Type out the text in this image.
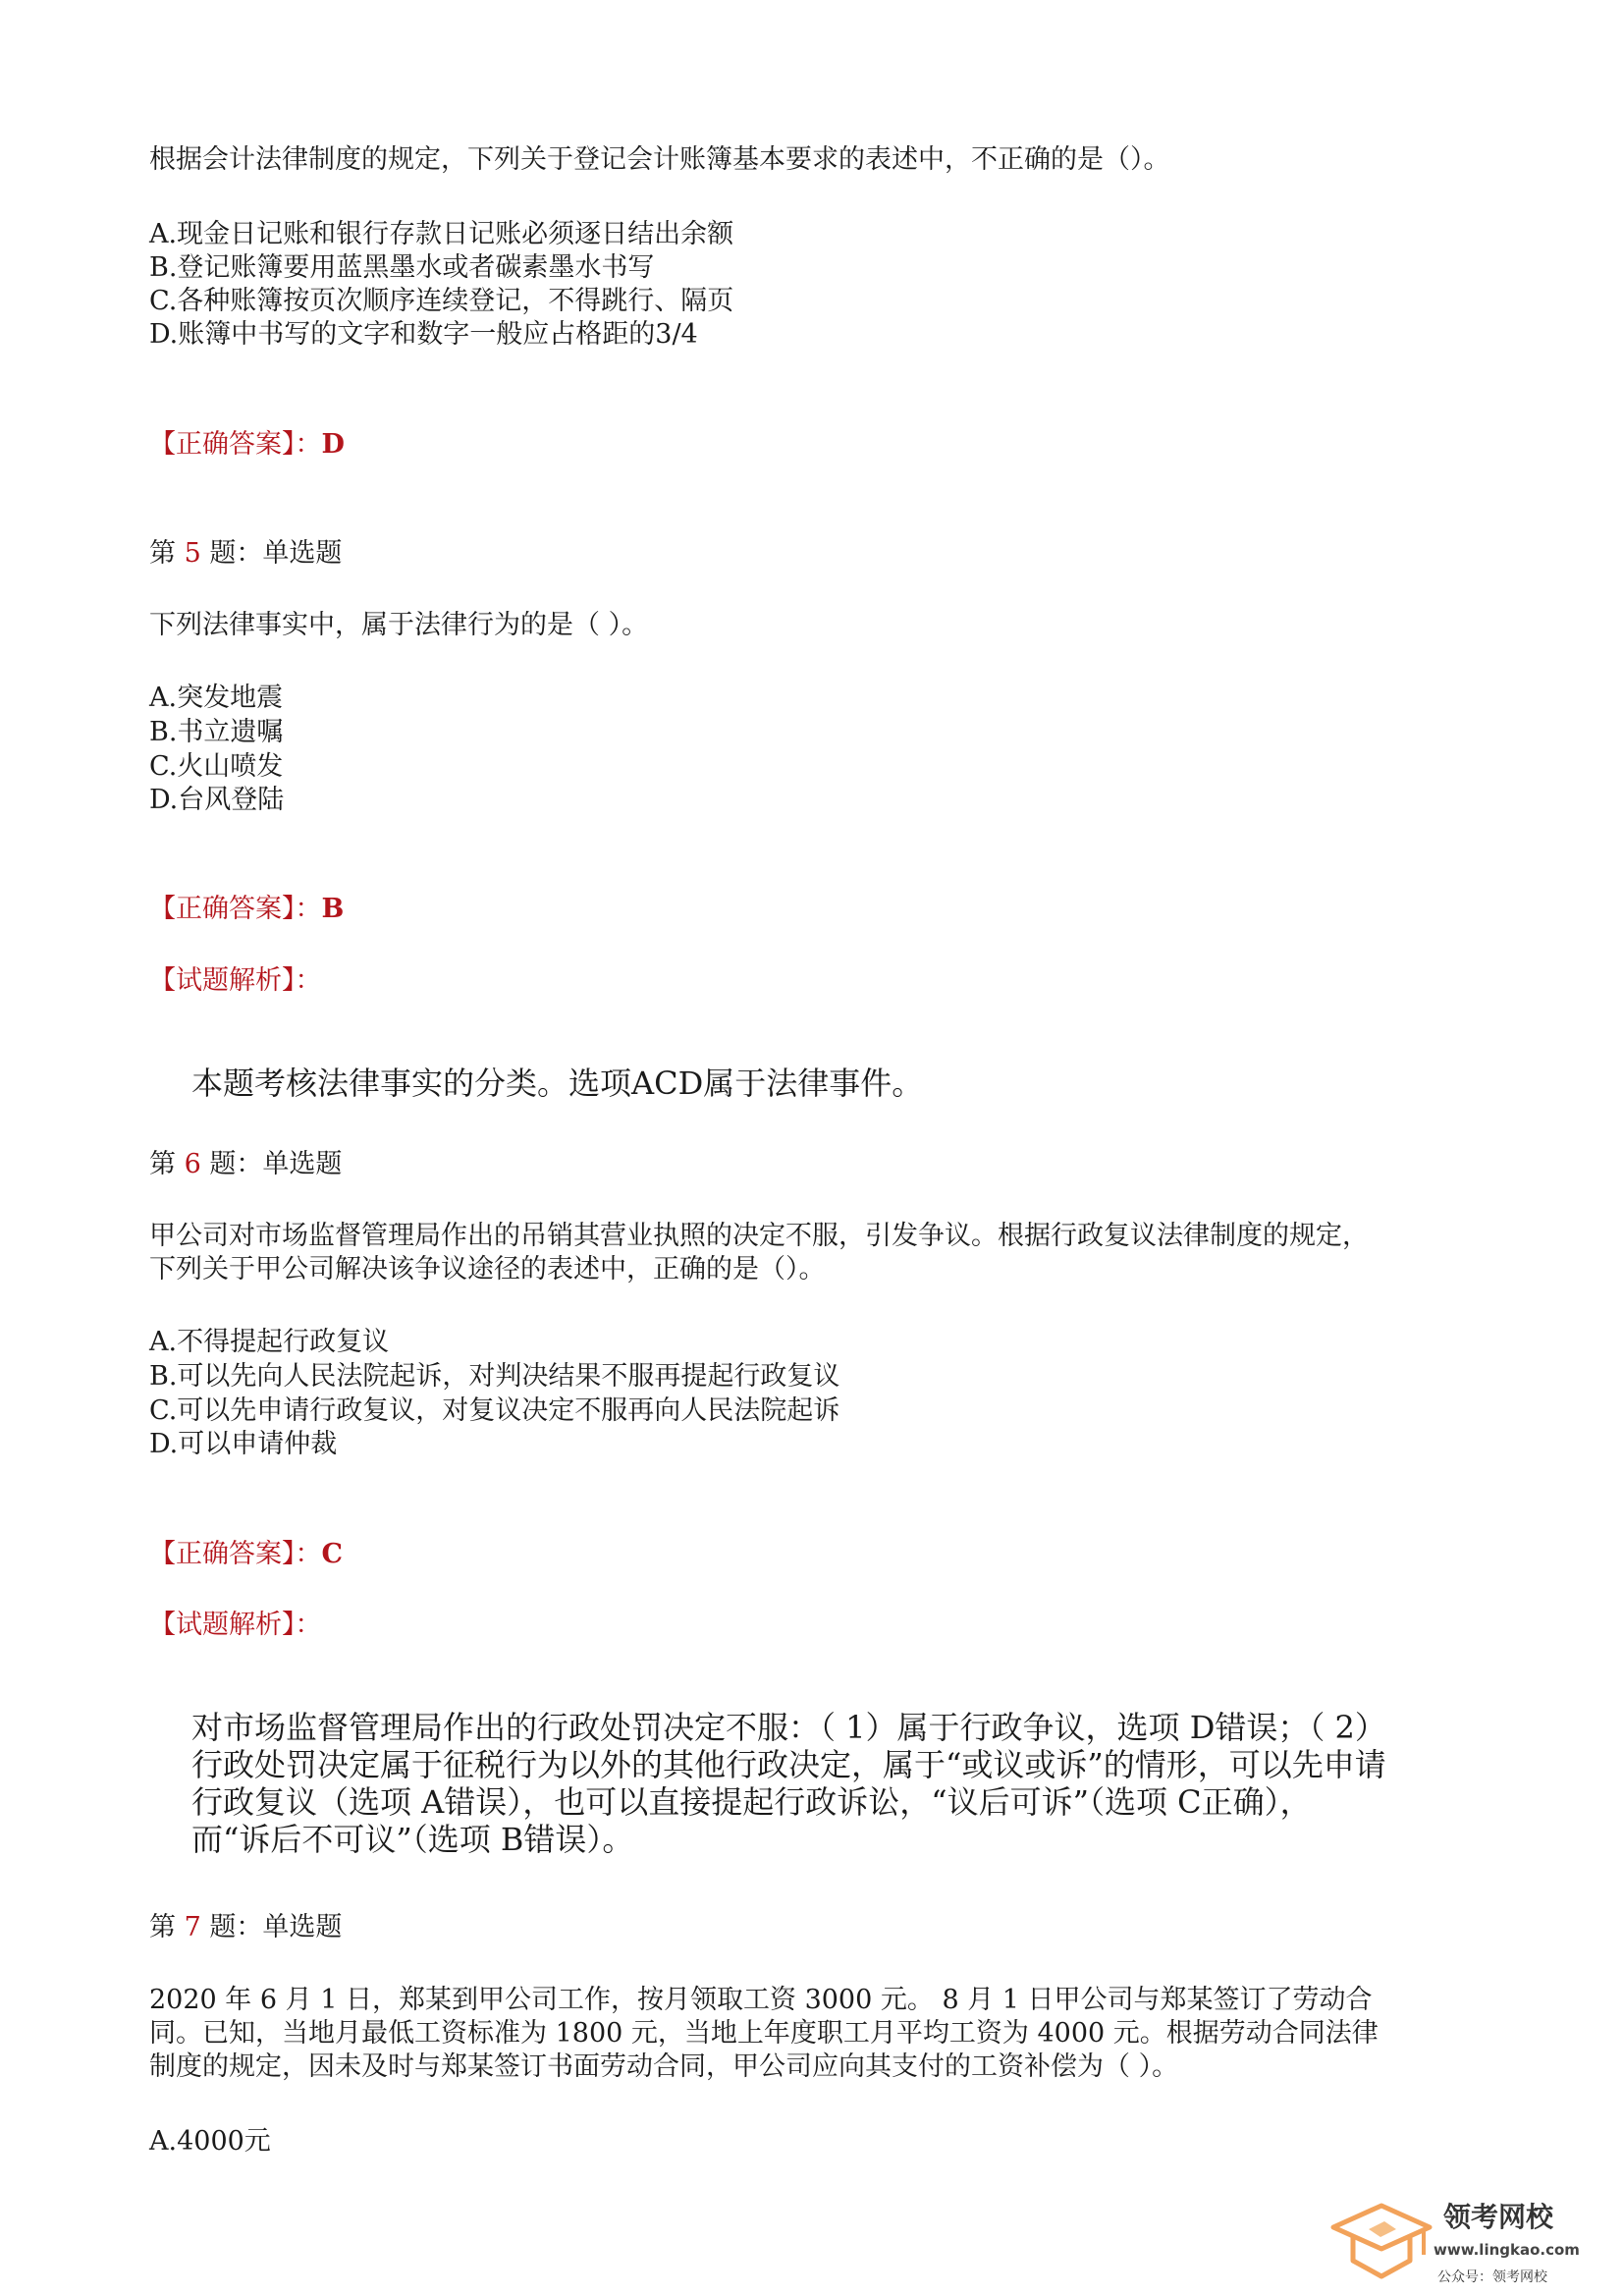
根据会计法律制度的规定，下列关于登记会计账簿基本要求的表述中，不正确的是（）。

A.现金日记账和银行存款日记账必须逐日结出余额

B.登记账簿要用蓝黑墨水或者碳素墨水书写

C.各种账簿按页次顺序连续登记，不得跳行、隔页

D.账簿中书写的文字和数字一般应占格距的3/4

【正确答案】：D
第 5 题：单选题

下列法律事实中，属于法律行为的是（ ）。

A.突发地震

B.书立遗嘱

C.火山喷发

D.台风登陆

【正确答案】：B
【试题解析】：

本题考核法律事实的分类。选项ACD属于法律事件。

第 6 题：单选题

甲公司对市场监督管理局作出的吊销其营业执照的决定不服，引发争议。根据行政复议法律制度的规定，

下列关于甲公司解决该争议途径的表述中，正确的是（）。

A.不得提起行政复议

B.可以先向人民法院起诉，对判决结果不服再提起行政复议

C.可以先申请行政复议，对复议决定不服再向人民法院起诉

D.可以申请仲裁

【正确答案】：C
【试题解析】：

对市场监督管理局作出的行政处罚决定不服：（ 1）属于行政争议，选项 D错误；（ 2）

行政处罚决定属于征税行为以外的其他行政决定，属于“或议或诉”的情形，可以先申请

行政复议（选项 A错误），也可以直接提起行政诉讼，“议后可诉”（选项 C正确），

而“诉后不可议”（选项 B错误）。

第 7 题：单选题

2020 年 6 月 1 日，郑某到甲公司工作，按月领取工资 3000 元。 8 月 1 日甲公司与郑某签订了劳动合

同。已知，当地月最低工资标准为 1800 元，当地上年度职工月平均工资为 4000 元。根据劳动合同法律

制度的规定，因未及时与郑某签订书面劳动合同，甲公司应向其支付的工资补偿为（ ）。

A.4000元

领考网校
www.lingkao.com
公众号：领考网校
